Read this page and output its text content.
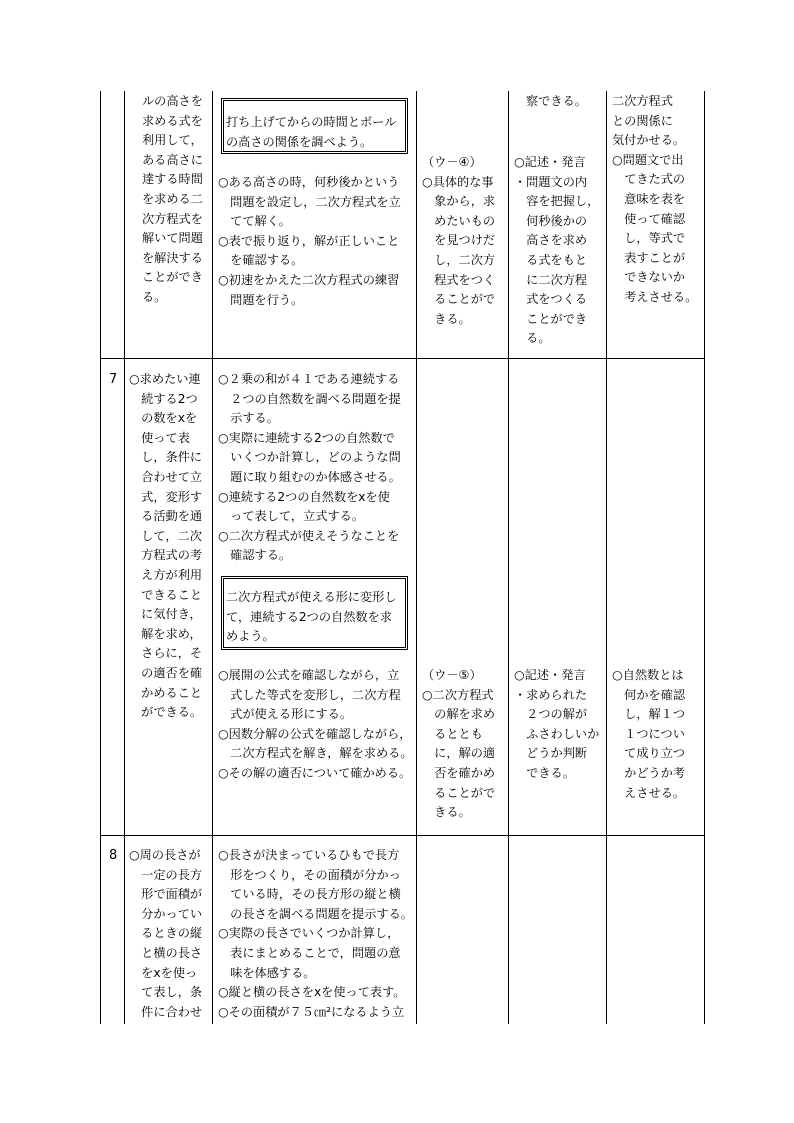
ルの高さを
求める式を
利用して，
ある高さに
達する時間
を求める二
次方程式を
解いて問題
を解決する
ことができ
る。
打ち上げてからの時間とボール
の高さの関係を調べよう。
○ある高さの時，何秒後かという
　問題を設定し，二次方程式を立
　てて解く。
○表で振り返り，解が正しいこと
　を確認する。
○初速をかえた二次方程式の練習
　問題を行う。
（ウ－④）
○具体的な事
　象から，求
　めたいもの
　を見つけだ
　し，二次方
　程式をつく
　ることがで
　きる。
察できる。
○記述・発言
・問題文の内
　容を把握し，
　何秒後かの
　高さを求め
　る式をもと
　に二次方程
　式をつくる
　ことができ
　る。
二次方程式
との関係に
気付かせる。
○問題文で出
　てきた式の
　意味を表を
　使って確認
　し，等式で
　表すことが
　できないか
　考えさせる。
7 ○求めたい連
　続する2つ
　の数をxを
　使って表
　し，条件に
　合わせて立
　式，変形す
　る活動を通
　して，二次
　方程式の考
　え方が利用
　できること
　に気付き，
　解を求め，
　さらに，そ
　の適否を確
　かめること
　ができる。
○２乗の和が４１である連続する
　２つの自然数を調べる問題を提
　示する。
○実際に連続する2つの自然数で
　いくつか計算し，どのような問
　題に取り組むのか体感させる。
○連続する2つの自然数をxを使
　って表して，立式する。
○二次方程式が使えそうなことを
　確認する。
二次方程式が使える形に変形し
て，連続する2つの自然数を求
めよう。
○展開の公式を確認しながら，立
　式した等式を変形し，二次方程
　式が使える形にする。
○因数分解の公式を確認しながら，
　二次方程式を解き，解を求める。
○その解の適否について確かめる。
（ウ－⑤）
○二次方程式
　の解を求め
　るととも
　に，解の適
　否を確かめ
　ることがで
　きる。
○記述・発言
・求められた
　２つの解が
　ふさわしいか
　どうか判断
　できる。
○自然数とは
　何かを確認
　し，解１つ
　１つについ
　て成り立つ
　かどうか考
　えさせる。
8 ○周の長さが
　一定の長方
　形で面積が
　分かってい
　るときの縦
　と横の長さ
　をxを使っ
　て表し，条
　件に合わせ
○長さが決まっているひもで長方
　形をつくり，その面積が分かっ
　ている時，その長方形の縦と横
　の長さを調べる問題を提示する。
○実際の長さでいくつか計算し，
　表にまとめることで，問題の意
　味を体感する。
○縦と横の長さをxを使って表す。
○その面積が７５㎝²になるよう立
